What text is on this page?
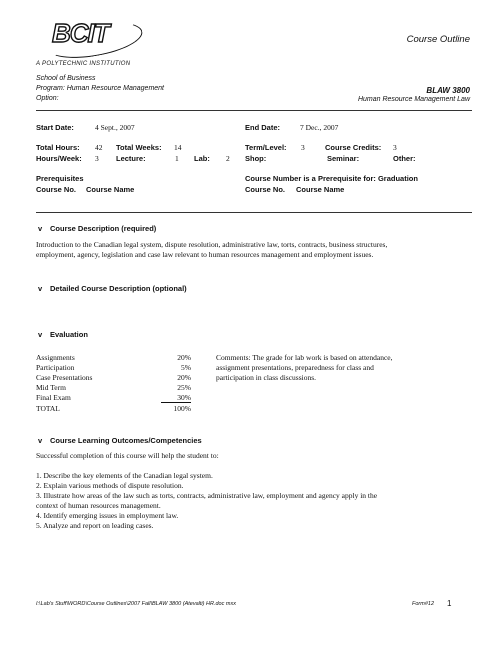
BCIT	Course Outline
A POLYTECHNIC INSTITUTION
School of Business
Program: Human Resource Management
Option:
BLAW 3800
Human Resource Management Law
Start Date:	4 Sept., 2007	End Date:	7 Dec., 2007
Total Hours: 42 Total Weeks: 14	Term/Level: 3	Course Credits: 3
Hours/Week: 3 Lecture:	1 Lab: 2 Shop:	Seminar:	Other:
Prerequisites	Course Number is a Prerequisite for: Graduation
Course No. Course Name	Course No. Course Name
v Course Description (required)
Introduction to the Canadian legal system, dispute resolution, administrative law, torts, contracts, business structures,
employment, agency, legislation and case law relevant to human resources management and employment issues.
v Detailed Course Description (optional)
v Evaluation
Assignments	20%
Participation	5%
Case Presentations	20%
Mid Term	25%
Final Exam	30%
TOTAL	100%
Comments: The grade for lab work is based on attendance,
assignment presentations, preparedness for class and
participation in class discussions.
v Course Learning Outcomes/Competencies
Successful completion of this course will help the student to:
1. Describe the key elements of the Canadian legal system.
2. Explain various methods of dispute resolution.
3. Illustrate how areas of the law such as torts, contracts, administrative law, employment and agency apply in the
context of human resources management.
4. Identify emerging issues in employment law.
5. Analyze and report on leading cases.
I:\Lab's Stuff\WORD\Course Outlines\2007 Fall\BLAW 3800 (Atevalti) HR.doc mxx	Form#12 1
